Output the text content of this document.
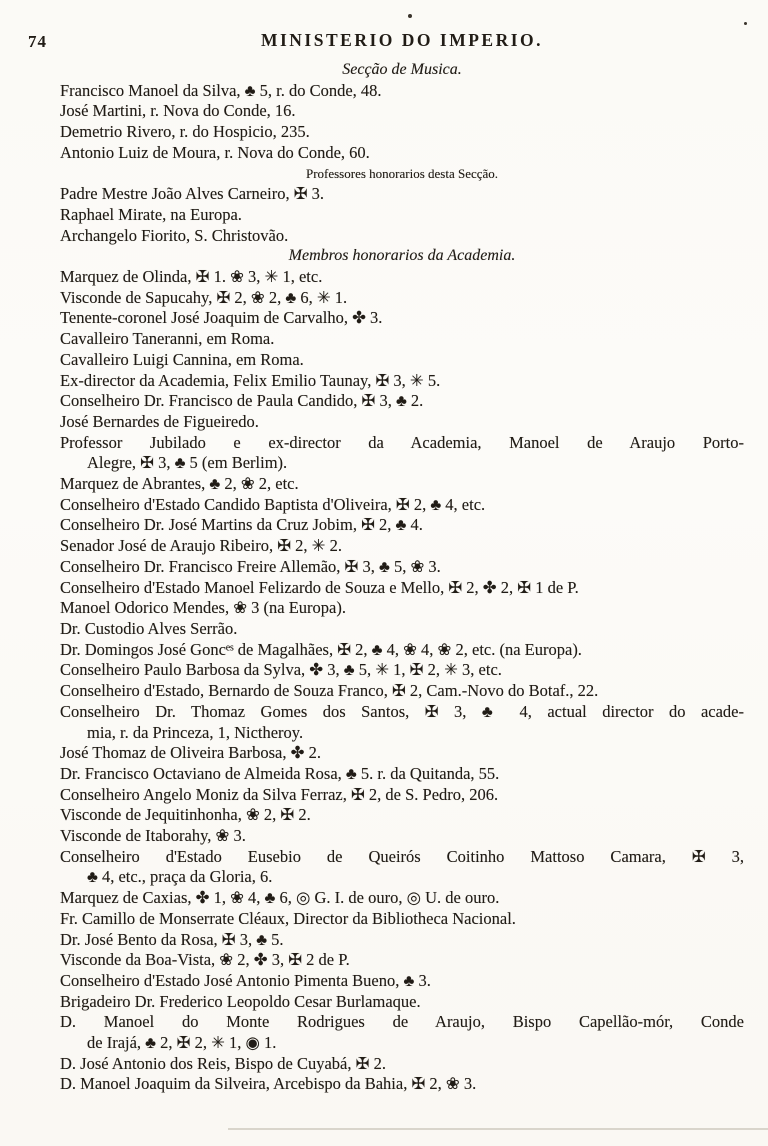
74	MINISTERIO DO IMPERIO.
Secção de Musica.
Francisco Manoel da Silva, ♣ 5, r. do Conde, 48.
José Martini, r. Nova do Conde, 16.
Demetrio Rivero, r. do Hospicio, 235.
Antonio Luiz de Moura, r. Nova do Conde, 60.
Professores honorarios desta Secção.
Padre Mestre João Alves Carneiro, ✠ 3.
Raphael Mirate, na Europa.
Archangelo Fiorito, S. Christovão.
Membros honorarios da Academia.
Marquez de Olinda, ✠ 1. ❀ 3, ✳ 1, etc.
Visconde de Sapucahy, ✠ 2, ❀ 2, ♣ 6, ✳ 1.
Tenente-coronel José Joaquim de Carvalho, ✤ 3.
Cavalleiro Taneranni, em Roma.
Cavalleiro Luigi Cannina, em Roma.
Ex-director da Academia, Felix Emilio Taunay, ✠ 3, ✳ 5.
Conselheiro Dr. Francisco de Paula Candido, ✠ 3, ♣ 2.
José Bernardes de Figueiredo.
Professor Jubilado e ex-director da Academia, Manoel de Araujo Porto-
Alegre, ✠ 3, ♣ 5 (em Berlim).
Marquez de Abrantes, ♣ 2, ❀ 2, etc.
Conselheiro d'Estado Candido Baptista d'Oliveira, ✠ 2, ♣ 4, etc.
Conselheiro Dr. José Martins da Cruz Jobim, ✠ 2, ♣ 4.
Senador José de Araujo Ribeiro, ✠ 2, ✳ 2.
Conselheiro Dr. Francisco Freire Allemão, ✠ 3, ♣ 5, ❀ 3.
Conselheiro d'Estado Manoel Felizardo de Souza e Mello, ✠ 2, ✤ 2, ✠ 1 de P.
Manoel Odorico Mendes, ❀ 3 (na Europa).
Dr. Custodio Alves Serrão.
Dr. Domingos José Goncᵉˢ de Magalhães, ✠ 2, ♣ 4, ❀ 4, ❀ 2, etc. (na Europa).
Conselheiro Paulo Barbosa da Sylva, ✤ 3, ♣ 5, ✳ 1, ✠ 2, ✳ 3, etc.
Conselheiro d'Estado, Bernardo de Souza Franco, ✠ 2, Cam.-Novo do Botaf., 22.
Conselheiro Dr. Thomaz Gomes dos Santos, ✠ 3, ♣ 4, actual director do acade-
mia, r. da Princeza, 1, Nictheroy.
José Thomaz de Oliveira Barbosa, ✤ 2.
Dr. Francisco Octaviano de Almeida Rosa, ♣ 5. r. da Quitanda, 55.
Conselheiro Angelo Moniz da Silva Ferraz, ✠ 2, de S. Pedro, 206.
Visconde de Jequitinhonha, ❀ 2, ✠ 2.
Visconde de Itaborahy, ❀ 3.
Conselheiro d'Estado Eusebio de Queirós Coitinho Mattoso Camara, ✠ 3,
♣ 4, etc., praça da Gloria, 6.
Marquez de Caxias, ✤ 1, ❀ 4, ♣ 6, ◎ G. I. de ouro, ◎ U. de ouro.
Fr. Camillo de Monserrate Cléaux, Director da Bibliotheca Nacional.
Dr. José Bento da Rosa, ✠ 3, ♣ 5.
Visconde da Boa-Vista, ❀ 2, ✤ 3, ✠ 2 de P.
Conselheiro d'Estado José Antonio Pimenta Bueno, ♣ 3.
Brigadeiro Dr. Frederico Leopoldo Cesar Burlamaque.
D. Manoel do Monte Rodrigues de Araujo, Bispo Capellão-mór, Conde
de Irajá, ♣ 2, ✠ 2, ✳ 1, ◉ 1.
D. José Antonio dos Reis, Bispo de Cuyabá, ✠ 2.
D. Manoel Joaquim da Silveira, Arcebispo da Bahia, ✠ 2, ❀ 3.
